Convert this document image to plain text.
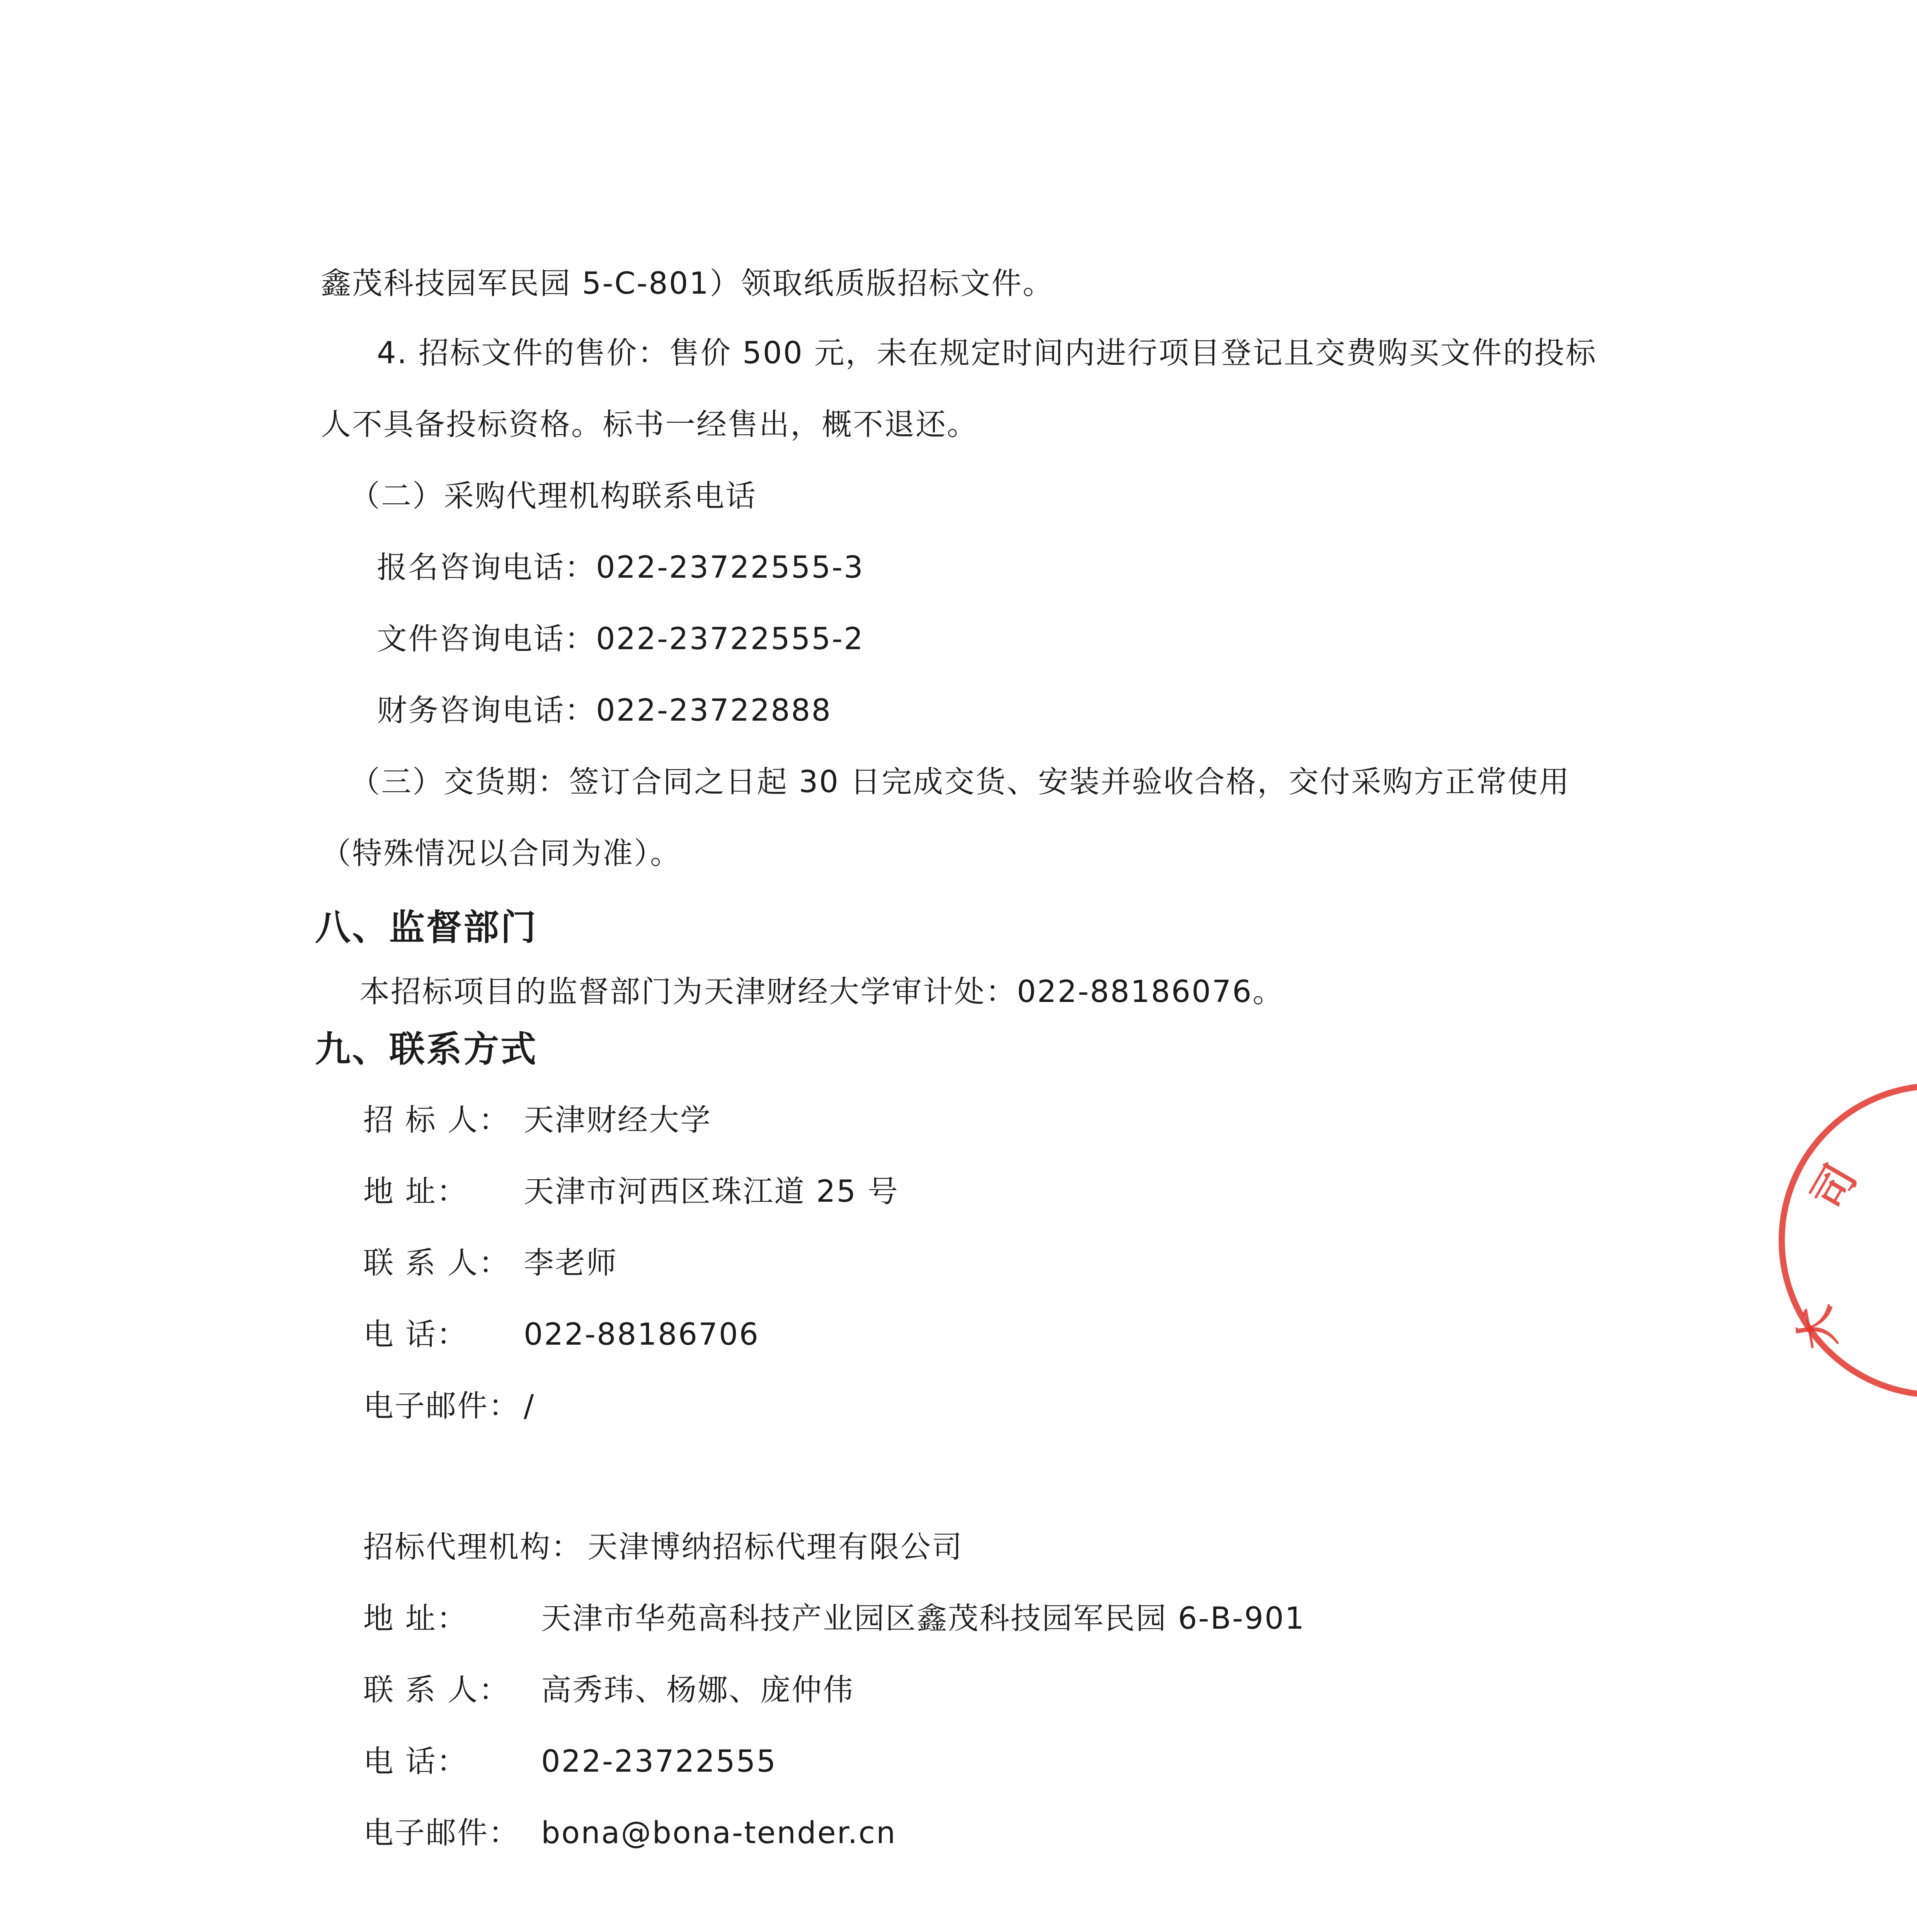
鑫茂科技园军民园 5-C-801）领取纸质版招标文件。
4. 招标文件的售价：售价 500 元，未在规定时间内进行项目登记且交费购买文件的投标
人不具备投标资格。标书一经售出，概不退还。
（二）采购代理机构联系电话
报名咨询电话：022-23722555-3
文件咨询电话：022-23722555-2
财务咨询电话：022-23722888
（三）交货期：签订合同之日起 30 日完成交货、安装并验收合格，交付采购方正常使用
（特殊情况以合同为准）。
八、监督部门
本招标项目的监督部门为天津财经大学审计处：022-88186076。
九、联系方式
招 标 人： 天津财经大学
地 址： 天津市河西区珠江道 25 号
联 系 人： 李老师
电 话： 022-88186706
电子邮件： /
招标代理机构： 天津博纳招标代理有限公司
地 址： 天津市华苑高科技产业园区鑫茂科技园军民园 6-B-901
联 系 人： 高秀玮、杨娜、庞仲伟
电 话： 022-23722555
电子邮件： bona@bona-tender.cn
司
大
